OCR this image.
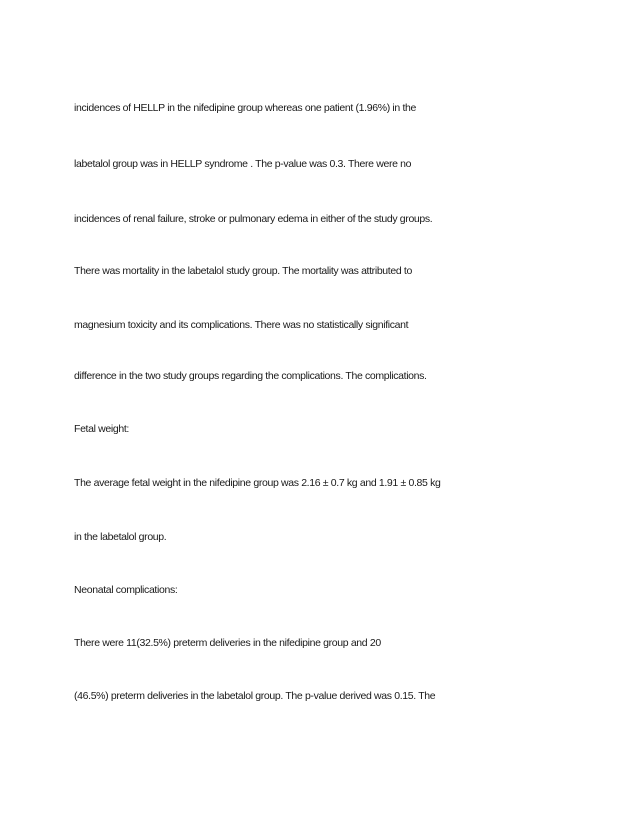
incidences of HELLP in the nifedipine group whereas one patient (1.96%) in the
labetalol group was in HELLP syndrome . The p-value was 0.3. There were no
incidences of renal failure, stroke or pulmonary edema in either of the study groups.
There was mortality in the labetalol study group. The mortality was attributed to
magnesium toxicity and its complications. There was no statistically significant
difference in the two study groups regarding the complications. The complications.
Fetal weight:
The average fetal weight in the nifedipine group was 2.16 ± 0.7 kg and 1.91 ± 0.85 kg
in the labetalol group.
Neonatal complications:
There were 11(32.5%) preterm deliveries in the nifedipine group and 20
(46.5%) preterm deliveries in the labetalol group. The p-value derived was 0.15. The
